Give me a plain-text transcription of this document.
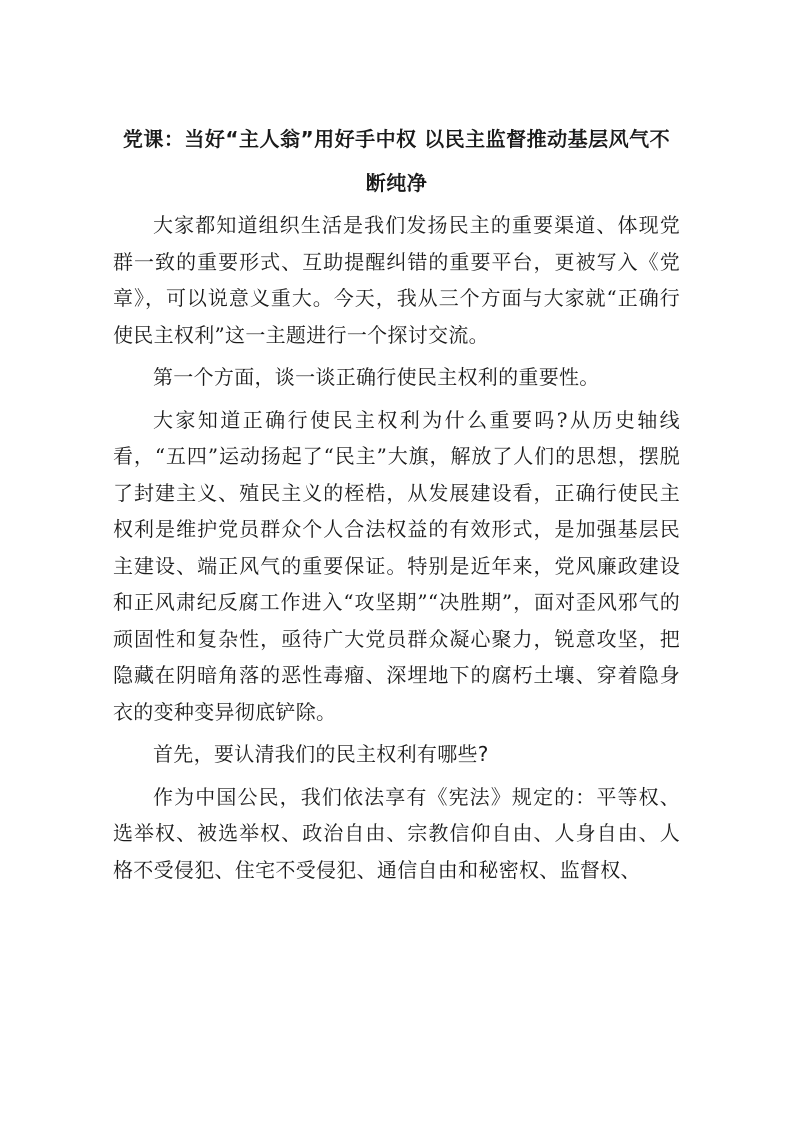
党课：当好“主人翁”用好手中权 以民主监督推动基层风气不断纯净

大家都知道组织生活是我们发扬民主的重要渠道、体现党群一致的重要形式、互助提醒纠错的重要平台，更被写入《党章》，可以说意义重大。今天，我从三个方面与大家就“正确行使民主权利”这一主题进行一个探讨交流。

第一个方面，谈一谈正确行使民主权利的重要性。

大家知道正确行使民主权利为什么重要吗?从历史轴线看，“五四”运动扬起了“民主”大旗，解放了人们的思想，摆脱了封建主义、殖民主义的桎梏，从发展建设看，正确行使民主权利是维护党员群众个人合法权益的有效形式，是加强基层民主建设、端正风气的重要保证。特别是近年来，党风廉政建设和正风肃纪反腐工作进入“攻坚期”“决胜期”，面对歪风邪气的顽固性和复杂性，亟待广大党员群众凝心聚力，锐意攻坚，把隐藏在阴暗角落的恶性毒瘤、深埋地下的腐朽土壤、穿着隐身衣的变种变异彻底铲除。

首先，要认清我们的民主权利有哪些?

作为中国公民，我们依法享有《宪法》规定的：平等权、选举权、被选举权、政治自由、宗教信仰自由、人身自由、人格不受侵犯、住宅不受侵犯、通信自由和秘密权、监督权、
